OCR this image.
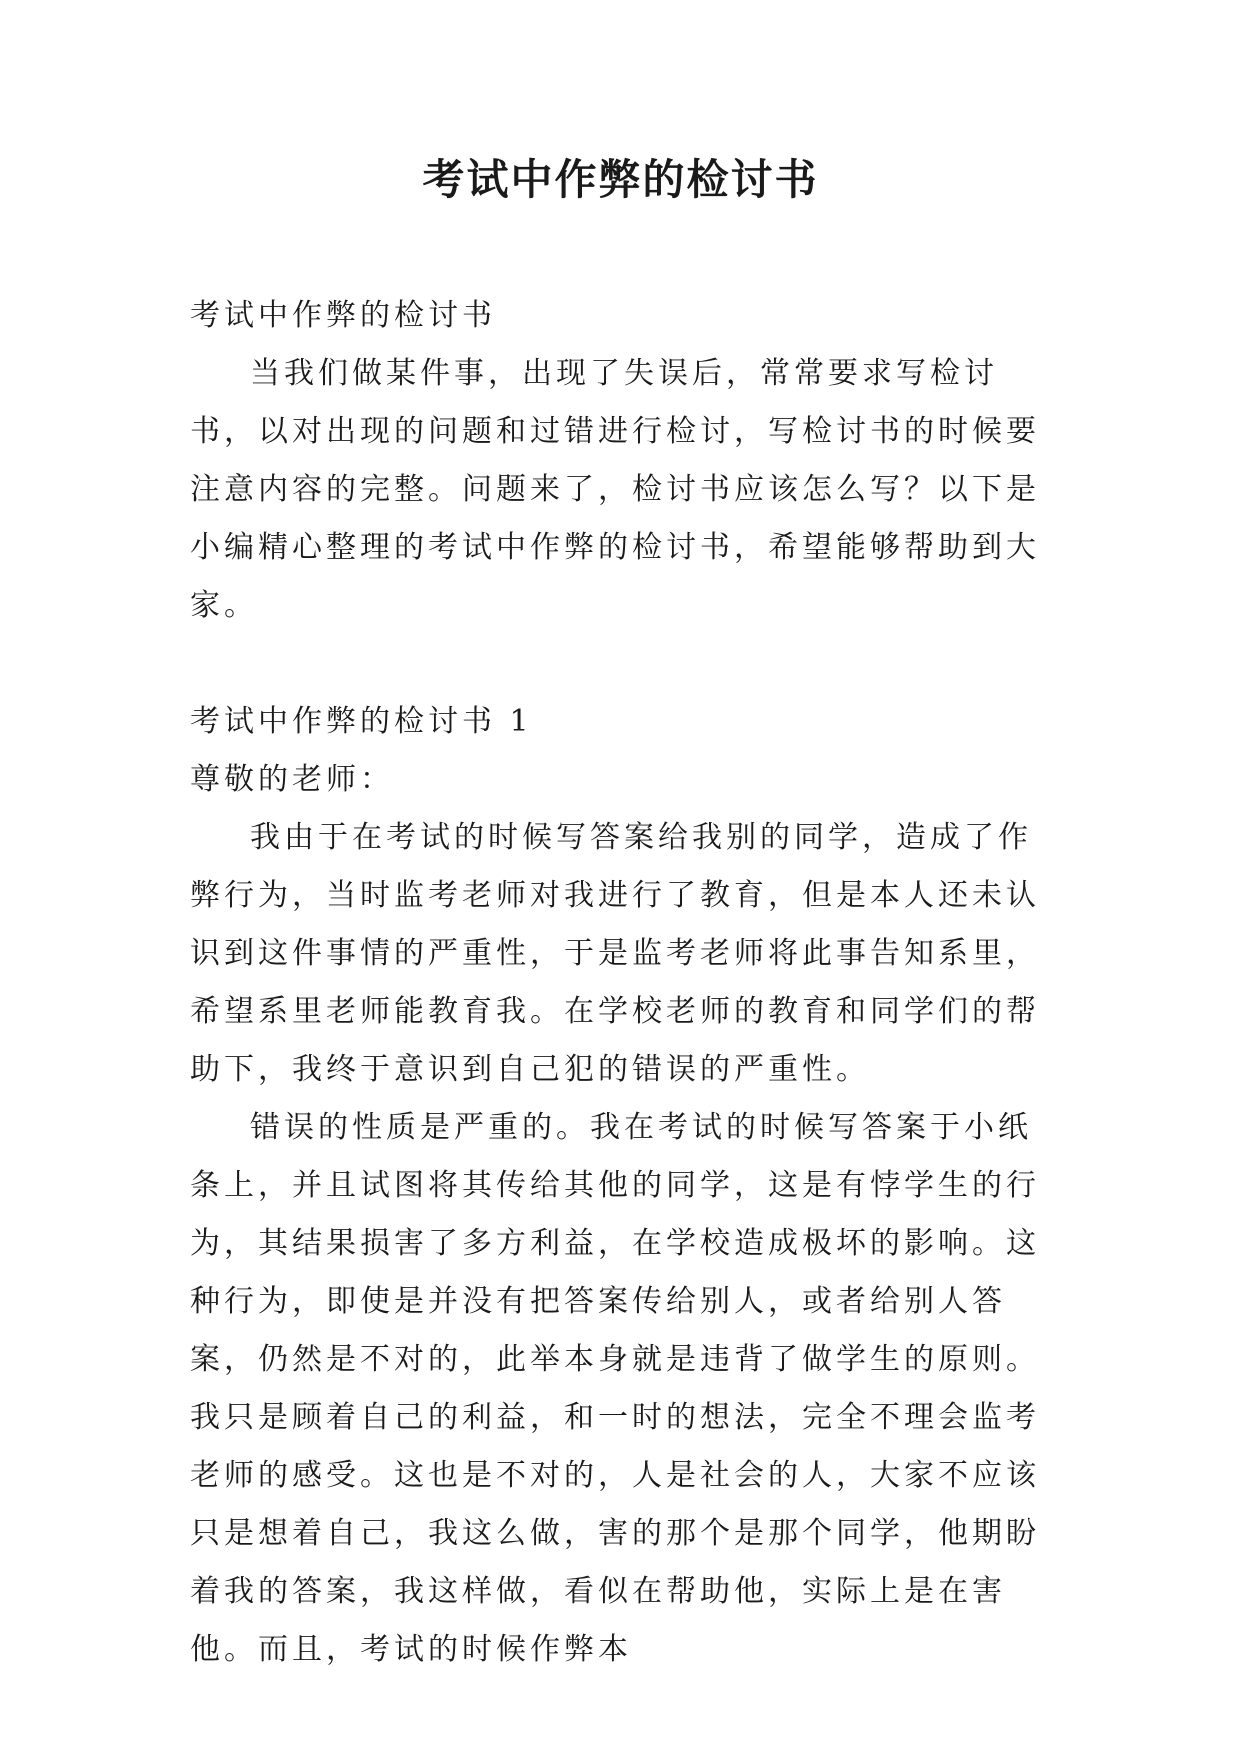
考试中作弊的检讨书

考试中作弊的检讨书

当我们做某件事，出现了失误后，常常要求写检讨书，以对出现的问题和过错进行检讨，写检讨书的时候要注意内容的完整。问题来了，检讨书应该怎么写？以下是小编精心整理的考试中作弊的检讨书，希望能够帮助到大家。

考试中作弊的检讨书 1

尊敬的老师：

我由于在考试的时候写答案给我别的同学，造成了作弊行为，当时监考老师对我进行了教育，但是本人还未认识到这件事情的严重性，于是监考老师将此事告知系里，希望系里老师能教育我。在学校老师的教育和同学们的帮助下，我终于意识到自己犯的错误的严重性。

错误的性质是严重的。我在考试的时候写答案于小纸条上，并且试图将其传给其他的同学，这是有悖学生的行为，其结果损害了多方利益，在学校造成极坏的影响。这种行为，即使是并没有把答案传给别人，或者给别人答案，仍然是不对的，此举本身就是违背了做学生的原则。我只是顾着自己的利益，和一时的想法，完全不理会监考老师的感受。这也是不对的，人是社会的人，大家不应该只是想着自己，我这么做，害的那个是那个同学，他期盼着我的答案，我这样做，看似在帮助他，实际上是在害他。而且，考试的时候作弊本
